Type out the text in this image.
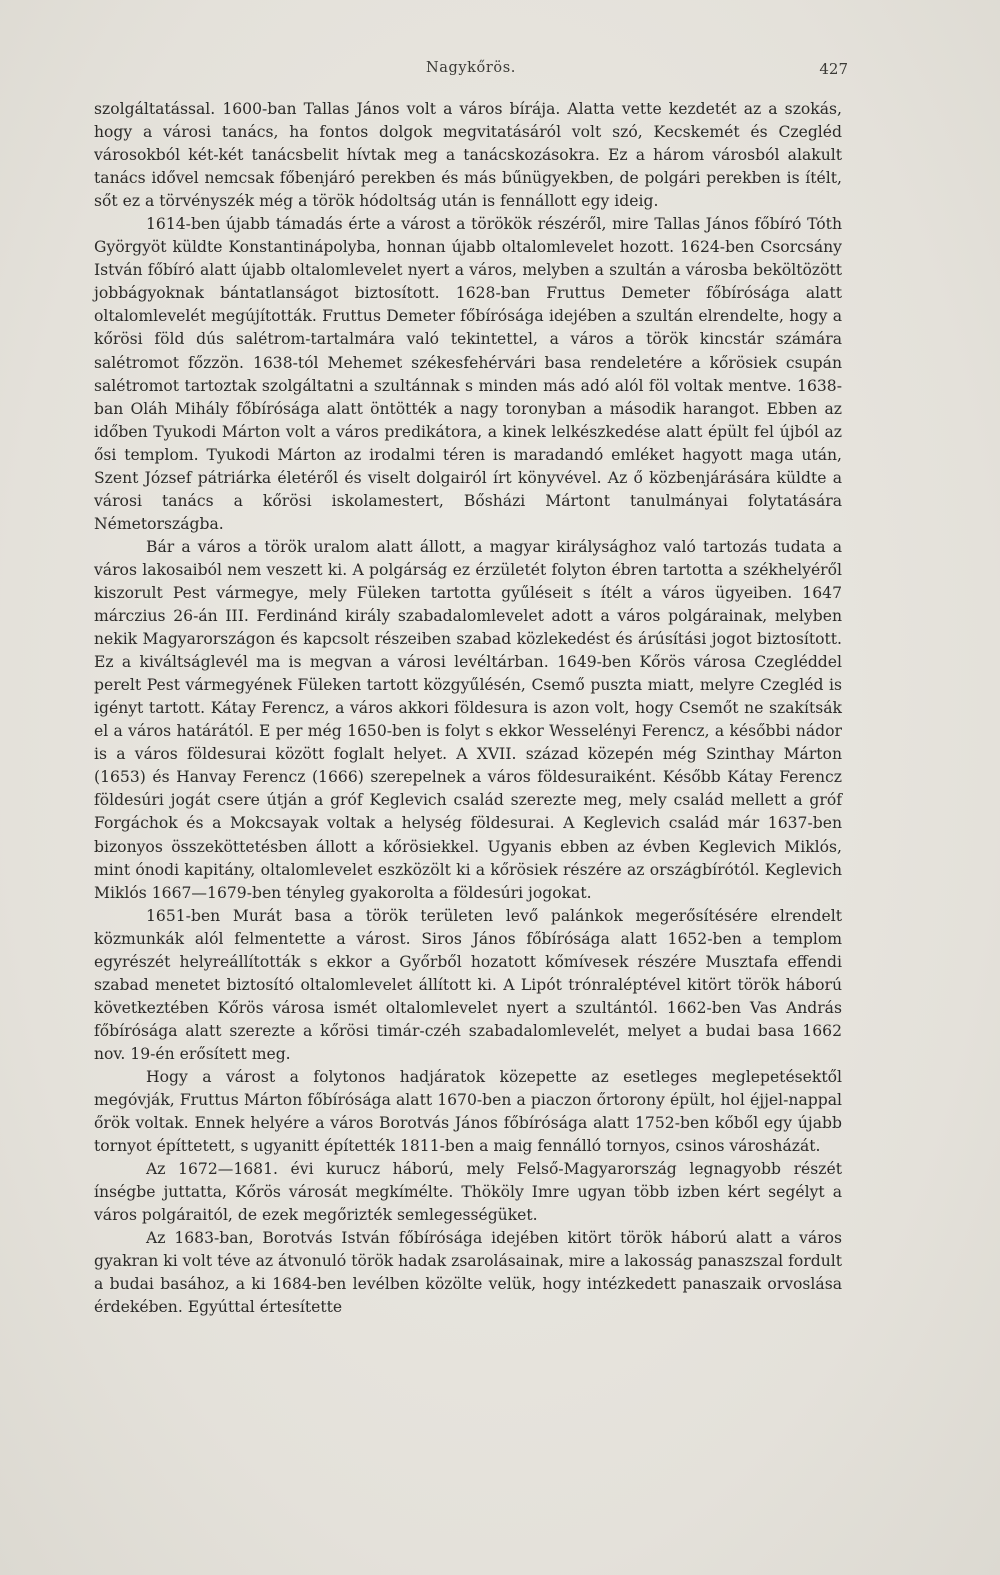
Nagykőrös.	427

szolgáltatással. 1600-ban Tallas János volt a város bírája. Alatta vette kezdetét az a szokás, hogy a városi tanács, ha fontos dolgok megvitatásáról volt szó, Kecskemét és Czegléd városokból két-két tanácsbelit hívtak meg a tanácskozásokra. Ez a három városból alakult tanács idővel nemcsak főbenjáró perekben és más bűnügyekben, de polgári perekben is ítélt, sőt ez a törvényszék még a török hódoltság után is fennállott egy ideig.

1614-ben újabb támadás érte a várost a törökök részéről, mire Tallas János főbíró Tóth Györgyöt küldte Konstantinápolyba, honnan újabb oltalomlevelet hozott. 1624-ben Csorcsány István főbíró alatt újabb oltalomlevelet nyert a város, melyben a szultán a városba beköltözött jobbágyoknak bántatlanságot biztosított. 1628-ban Fruttus Demeter főbírósága alatt oltalomlevelét megújították. Fruttus Demeter főbírósága idejében a szultán elrendelte, hogy a kőrösi föld dús salétrom-tartalmára való tekintettel, a város a török kincstár számára salétromot főzzön. 1638-tól Mehemet székesfehérvári basa rendeletére a kőrösiek csupán salétromot tartoztak szolgáltatni a szultánnak s minden más adó alól föl voltak mentve. 1638-ban Oláh Mihály főbírósága alatt öntötték a nagy toronyban a második harangot. Ebben az időben Tyukodi Márton volt a város predikátora, a kinek lelkészkedése alatt épült fel újból az ősi templom. Tyukodi Márton az irodalmi téren is maradandó emléket hagyott maga után, Szent József pátriárka életéről és viselt dolgairól írt könyvével. Az ő közbenjárására küldte a városi tanács a kőrösi iskolamestert, Bősházi Mártont tanulmányai folytatására Németországba.

Bár a város a török uralom alatt állott, a magyar királysághoz való tartozás tudata a város lakosaiból nem veszett ki. A polgárság ez érzületét folyton ébren tartotta a székhelyéről kiszorult Pest vármegye, mely Füleken tartotta gyűléseit s ítélt a város ügyeiben. 1647 márczius 26-án III. Ferdinánd király szabadalomlevelet adott a város polgárainak, melyben nekik Magyarországon és kapcsolt részeiben szabad közlekedést és árúsítási jogot biztosított. Ez a kiváltságlevél ma is megvan a városi levéltárban. 1649-ben Kőrös városa Czegléddel perelt Pest vármegyének Füleken tartott közgyűlésén, Csemő puszta miatt, melyre Czegléd is igényt tartott. Kátay Ferencz, a város akkori földesura is azon volt, hogy Csemőt ne szakítsák el a város határától. E per még 1650-ben is folyt s ekkor Wesselényi Ferencz, a későbbi nádor is a város földesurai között foglalt helyet. A XVII. század közepén még Szinthay Márton (1653) és Hanvay Ferencz (1666) szerepelnek a város földesuraiként. Később Kátay Ferencz földesúri jogát csere útján a gróf Keglevich család szerezte meg, mely család mellett a gróf Forgáchok és a Mokcsayak voltak a helység földesurai. A Keglevich család már 1637-ben bizonyos összeköttetésben állott a kőrösiekkel. Ugyanis ebben az évben Keglevich Miklós, mint ónodi kapitány, oltalomlevelet eszközölt ki a kőrösiek részére az országbírótól. Keglevich Miklós 1667—1679-ben tényleg gyakorolta a földesúri jogokat.

1651-ben Murát basa a török területen levő palánkok megerősítésére elrendelt közmunkák alól felmentette a várost. Siros János főbírósága alatt 1652-ben a templom egyrészét helyreállították s ekkor a Győrből hozatott kőmívesek részére Musztafa effendi szabad menetet biztosító oltalomlevelet állított ki. A Lipót trónraléptével kitört török háború következtében Kőrös városa ismét oltalomlevelet nyert a szultántól. 1662-ben Vas András főbírósága alatt szerezte a kőrösi timár-czéh szabadalomlevelét, melyet a budai basa 1662 nov. 19-én erősített meg.

Hogy a várost a folytonos hadjáratok közepette az esetleges meglepetésektől megóvják, Fruttus Márton főbírósága alatt 1670-ben a piaczon őrtorony épült, hol éjjel-nappal őrök voltak. Ennek helyére a város Borotvás János főbírósága alatt 1752-ben kőből egy újabb tornyot építtetett, s ugyanitt építették 1811-ben a maig fennálló tornyos, csinos városházát.

Az 1672—1681. évi kurucz háború, mely Felső-Magyarország legnagyobb részét ínségbe juttatta, Kőrös városát megkímélte. Thököly Imre ugyan több izben kért segélyt a város polgáraitól, de ezek megőrizték semlegességüket.

Az 1683-ban, Borotvás István főbírósága idejében kitört török háború alatt a város gyakran ki volt téve az átvonuló török hadak zsarolásainak, mire a lakosság panaszszal fordult a budai basához, a ki 1684-ben levélben közölte velük, hogy intézkedett panaszaik orvoslása érdekében. Egyúttal értesítette
